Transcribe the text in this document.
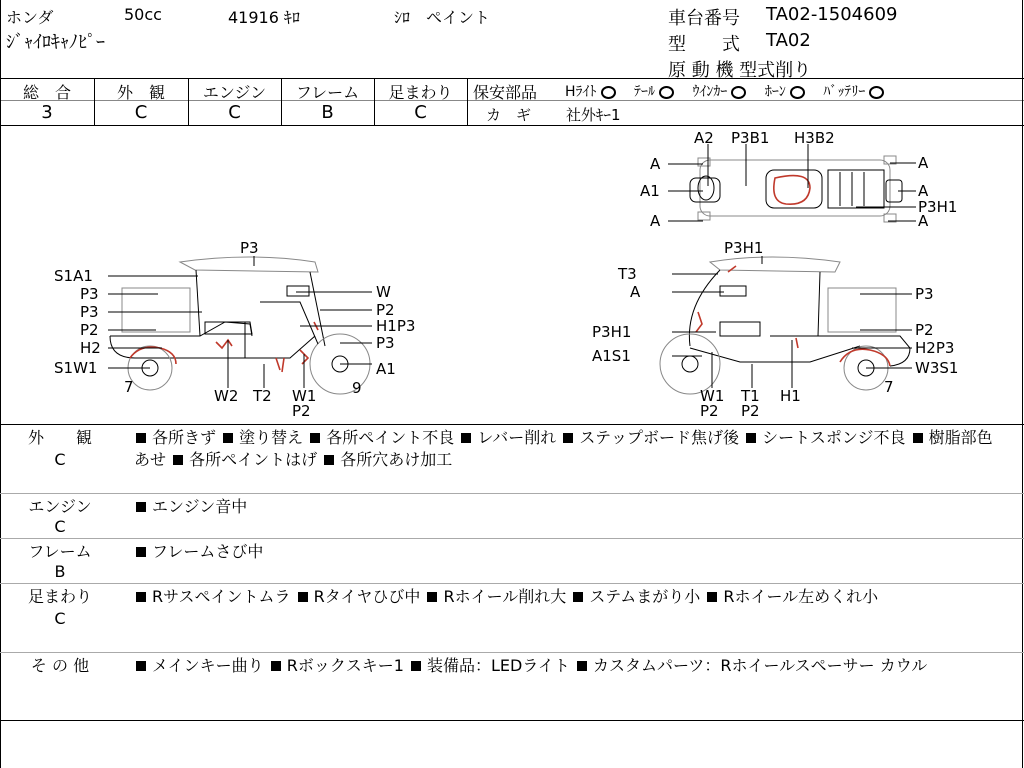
ホンダ	50cc	41916 ｷﾛ	ｼﾛ　ペイント
ｼﾞｬｲﾛｷｬﾉﾋﾟｰ
車台番号 TA02-1504609
型　　式 TA02
原 動 機 型式削り
総　合
3
外　観
C
エンジン
C
フレーム
B
足まわり
C
保安部品 Hﾗｲﾄ	ﾃｰﾙ	ｳｲﾝｶｰ	ﾎｰﾝ	ﾊﾞｯﾃﾘｰ
カ　ギ 社外ｷｰ1
A2 P3B1 H3B2
A
A1
A
A
A
P3H1
A
P3
S1A1
P3
P3
P2
H2
S1W1
7
W
P2
H1P3
P3
A1
9
W2 T2 W1
P2
P3H1
T3
A	P3
P3H1	P2
A1S1	H2P3
W3S1
7
W1
P2
T1
P2
H1
外　　観
C
各所きず 塗り替え 各所ペイント不良 レバー削れ ステップボード焦げ後 シートスポンジ不良 樹脂部色あせ 各所ペイントはげ 各所穴あけ加工
エンジン
C
エンジン音中
フレーム
B
フレームさび中
足まわり
C
Rサスペイントムラ Rタイヤひび中 Rホイール削れ大 ステムまがり小 Rホイール左めくれ小
そ の 他	メインキー曲り Rボックスキー1 装備品：LEDライト カスタムパーツ：Rホイールスペーサー カウル
